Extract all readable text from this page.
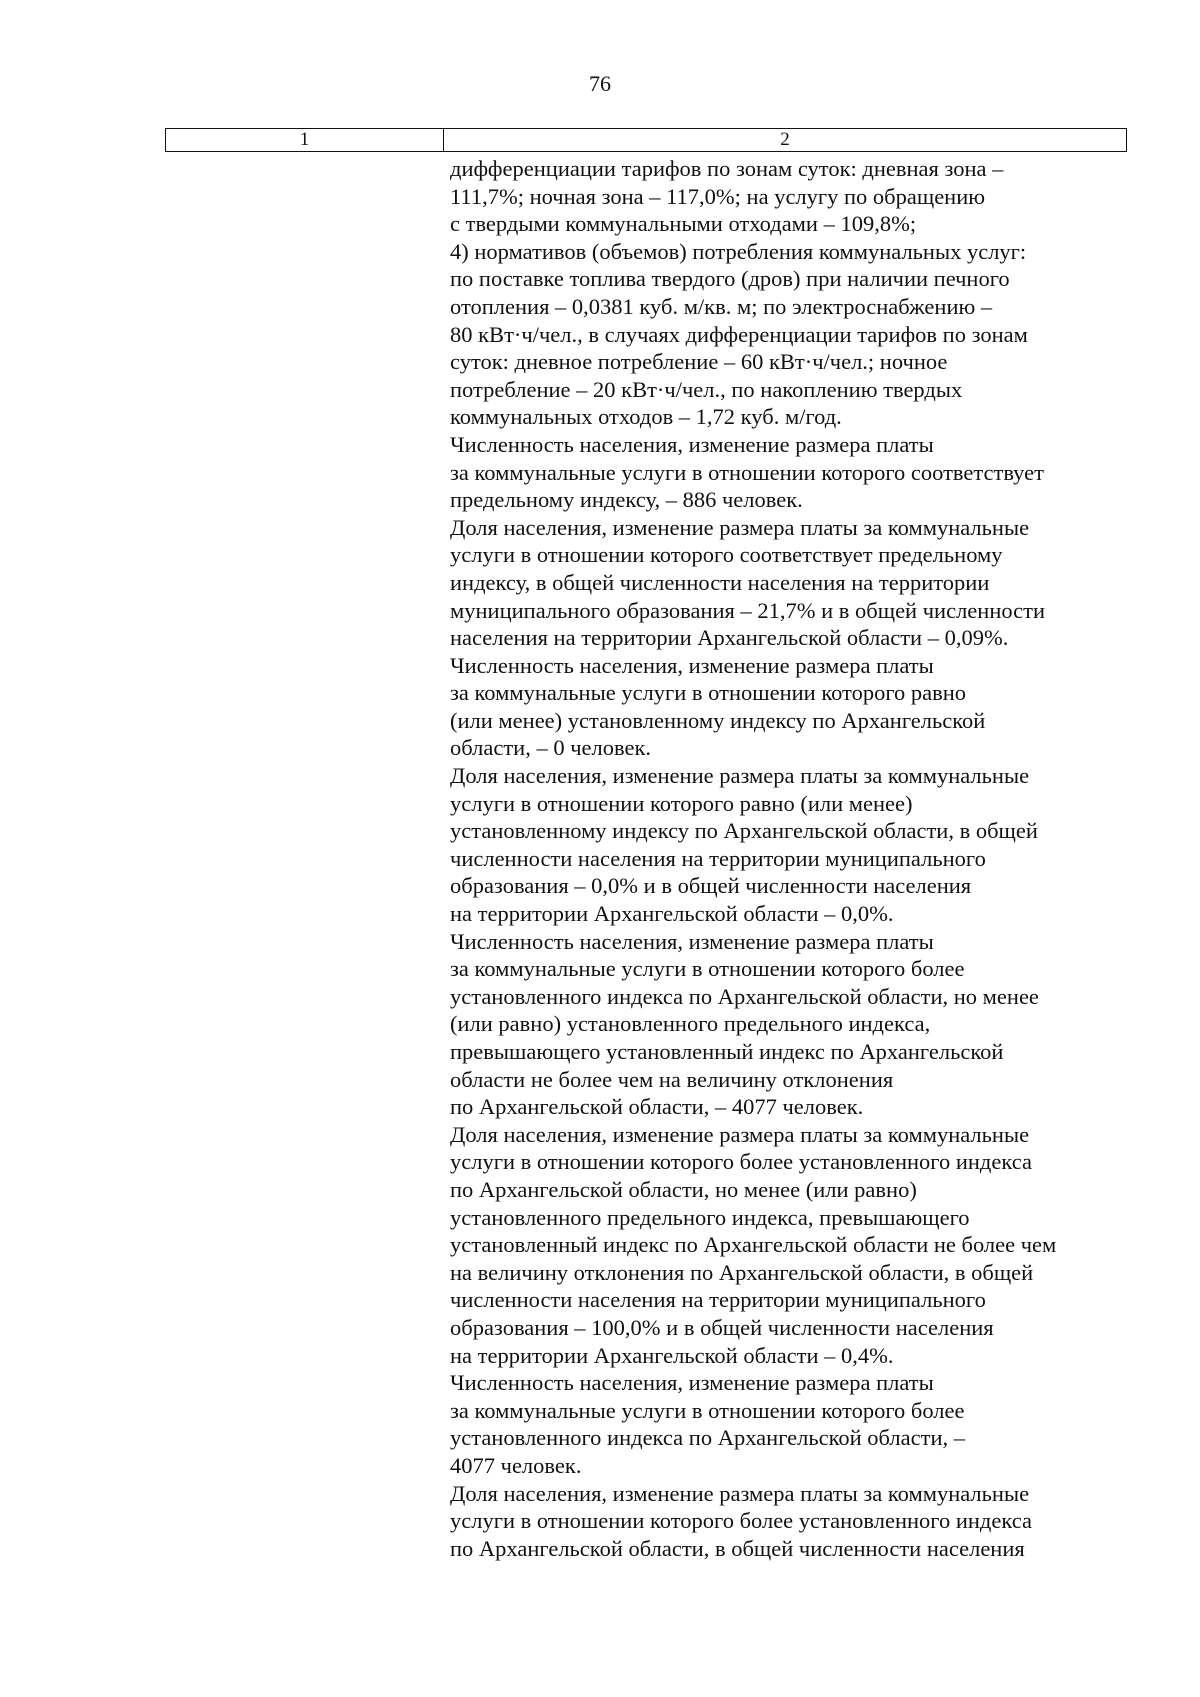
76
1	2
дифференциации тарифов по зонам суток: дневная зона –
111,7%; ночная зона – 117,0%; на услугу по обращению
с твердыми коммунальными отходами – 109,8%;
4) нормативов (объемов) потребления коммунальных услуг:
по поставке топлива твердого (дров) при наличии печного
отопления – 0,0381 куб. м/кв. м; по электроснабжению –
80 кВт·ч/чел., в случаях дифференциации тарифов по зонам
суток: дневное потребление – 60 кВт·ч/чел.; ночное
потребление – 20 кВт·ч/чел., по накоплению твердых
коммунальных отходов – 1,72 куб. м/год.
Численность населения, изменение размера платы
за коммунальные услуги в отношении которого соответствует
предельному индексу, – 886 человек.
Доля населения, изменение размера платы за коммунальные
услуги в отношении которого соответствует предельному
индексу, в общей численности населения на территории
муниципального образования – 21,7% и в общей численности
населения на территории Архангельской области – 0,09%.
Численность населения, изменение размера платы
за коммунальные услуги в отношении которого равно
(или менее) установленному индексу по Архангельской
области, – 0 человек.
Доля населения, изменение размера платы за коммунальные
услуги в отношении которого равно (или менее)
установленному индексу по Архангельской области, в общей
численности населения на территории муниципального
образования – 0,0% и в общей численности населения
на территории Архангельской области – 0,0%.
Численность населения, изменение размера платы
за коммунальные услуги в отношении которого более
установленного индекса по Архангельской области, но менее
(или равно) установленного предельного индекса,
превышающего установленный индекс по Архангельской
области не более чем на величину отклонения
по Архангельской области, – 4077 человек.
Доля населения, изменение размера платы за коммунальные
услуги в отношении которого более установленного индекса
по Архангельской области, но менее (или равно)
установленного предельного индекса, превышающего
установленный индекс по Архангельской области не более чем
на величину отклонения по Архангельской области, в общей
численности населения на территории муниципального
образования – 100,0% и в общей численности населения
на территории Архангельской области – 0,4%.
Численность населения, изменение размера платы
за коммунальные услуги в отношении которого более
установленного индекса по Архангельской области, –
4077 человек.
Доля населения, изменение размера платы за коммунальные
услуги в отношении которого более установленного индекса
по Архангельской области, в общей численности населения
